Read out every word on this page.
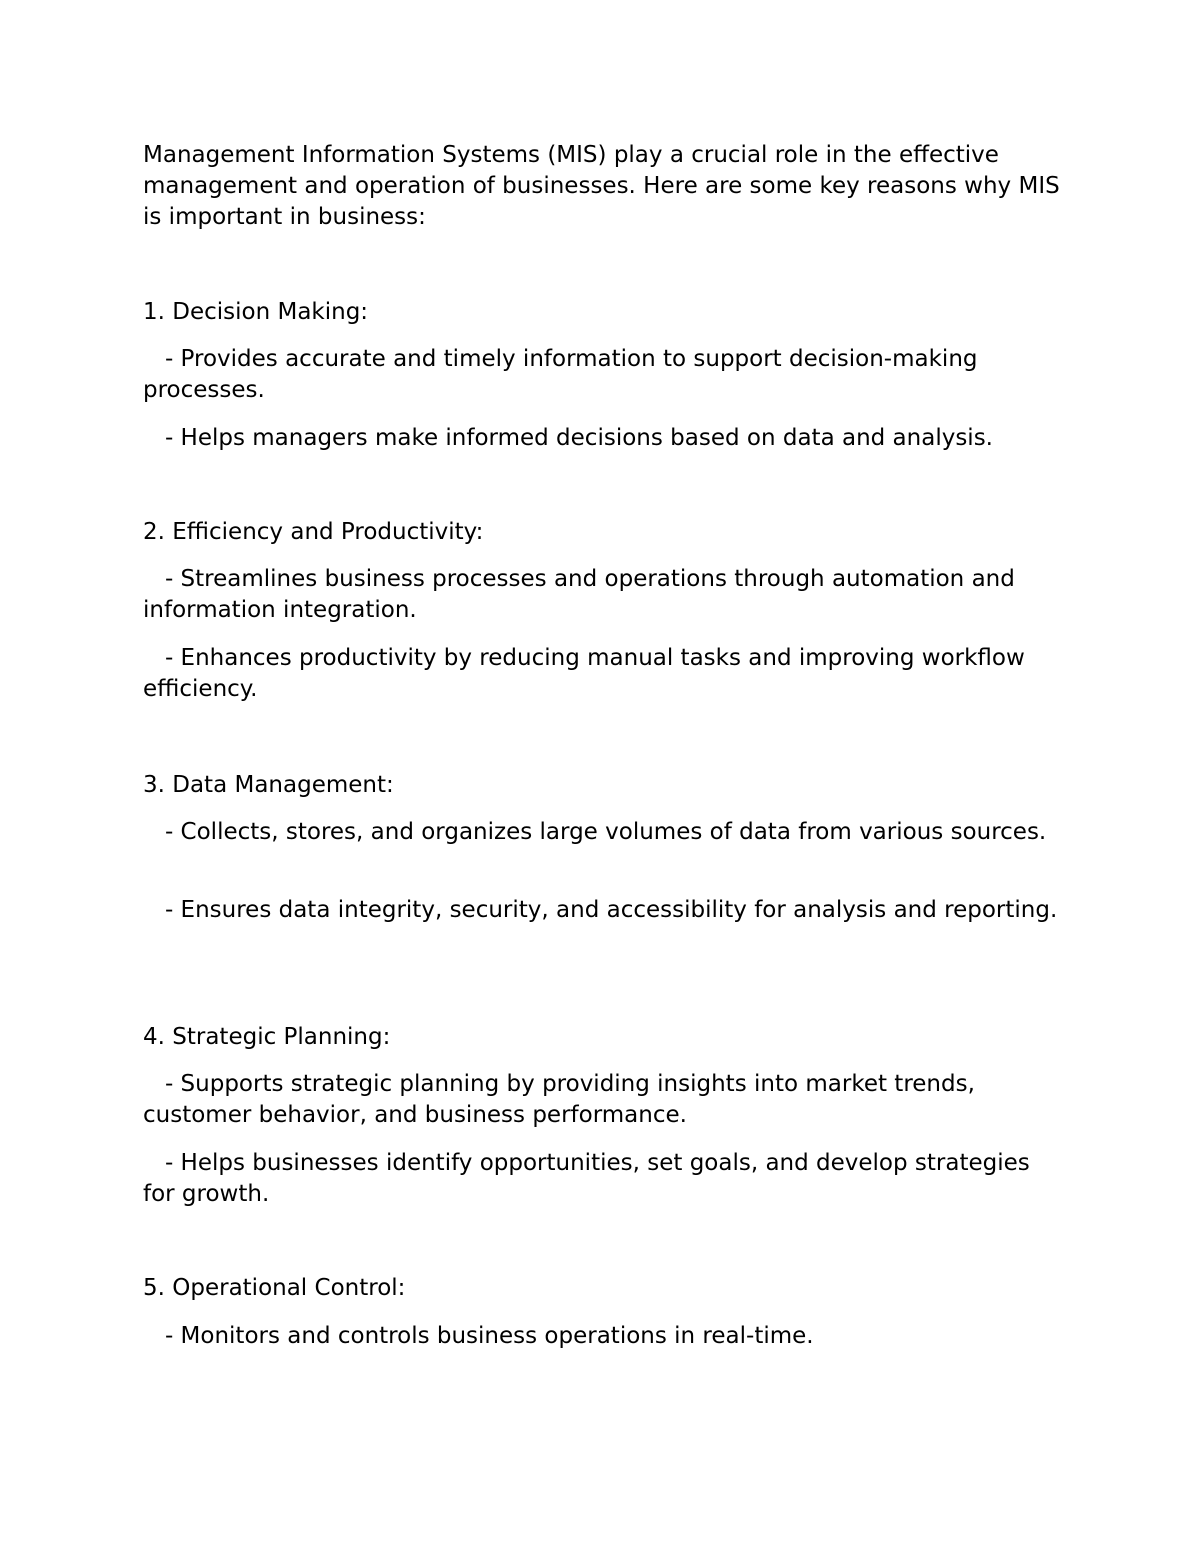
Management Information Systems (MIS) play a crucial role in the effective management and operation of businesses. Here are some key reasons why MIS is important in business:

1. Decision Making:

- Provides accurate and timely information to support decision-making processes.

- Helps managers make informed decisions based on data and analysis.

2. Efficiency and Productivity:

- Streamlines business processes and operations through automation and information integration.

- Enhances productivity by reducing manual tasks and improving workflow efficiency.

3. Data Management:

- Collects, stores, and organizes large volumes of data from various sources.

- Ensures data integrity, security, and accessibility for analysis and reporting.

4. Strategic Planning:

- Supports strategic planning by providing insights into market trends, customer behavior, and business performance.

- Helps businesses identify opportunities, set goals, and develop strategies for growth.

5. Operational Control:

- Monitors and controls business operations in real-time.
